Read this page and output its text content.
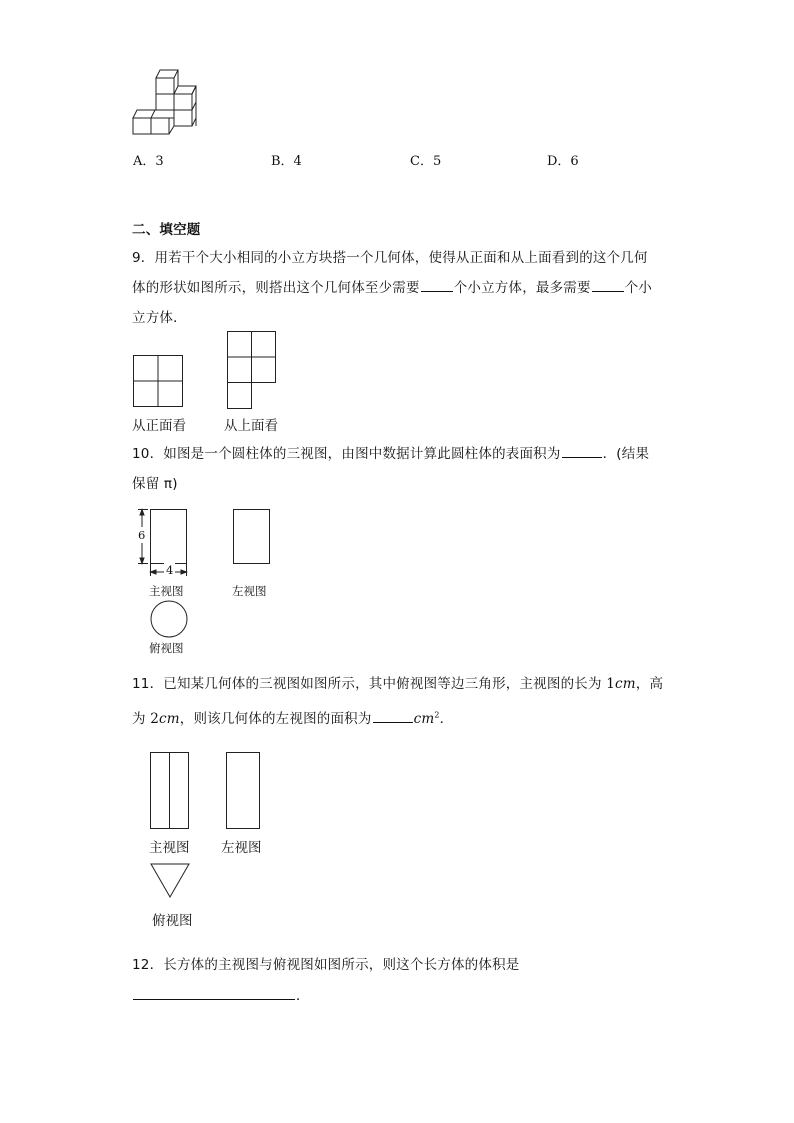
A．3	B．4	C．5	D．6
二、填空题
9．用若干个大小相同的小立方块搭一个几何体，使得从正面和从上面看到的这个几何
体的形状如图所示，则搭出这个几何体至少需要	个小立方体，最多需要	个小
立方体．
从正面看	从上面看
10．如图是一个圆柱体的三视图，由图中数据计算此圆柱体的表面积为	．(结果
保留 π)
6
4
主视图	左视图
俯视图
11．已知某几何体的三视图如图所示，其中俯视图等边三角形，主视图的长为 1cm，高
为 2cm，则该几何体的左视图的面积为	$cm^2$．
主视图 左视图
俯视图
12．长方体的主视图与俯视图如图所示，则这个长方体的体积是
．
